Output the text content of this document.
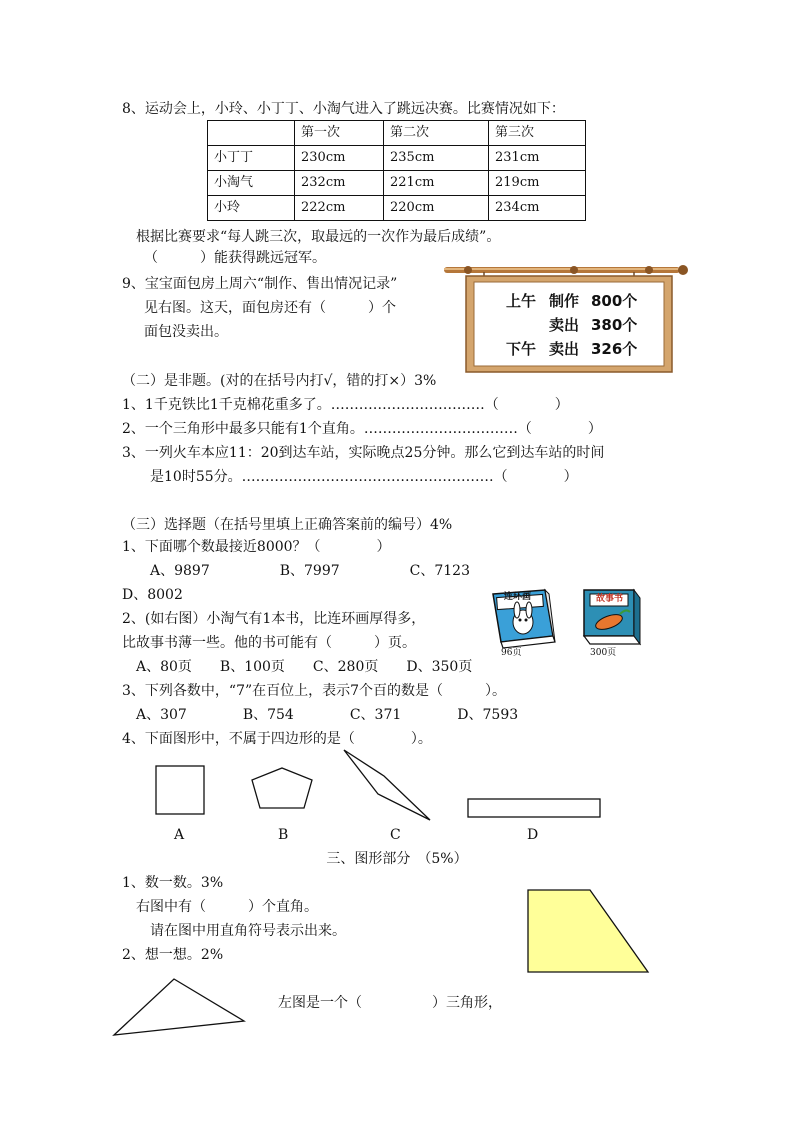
8、运动会上，小玲、小丁丁、小淘气进入了跳远决赛。比赛情况如下：
	第一次	第二次	第三次
小丁丁	230cm	235cm	231cm
小淘气	232cm	221cm	219cm
小玲	222cm	220cm	234cm
根据比赛要求“每人跳三次，取最远的一次作为最后成绩”。
（　　　）能获得跳远冠军。
9、宝宝面包房上周六“制作、售出情况记录”
见右图。这天，面包房还有（　　　）个
面包没卖出。
上午 制作 800个
卖出 380个
下午 卖出 326个
（二）是非题。(对的在括号内打√，错的打×）3%
1、1千克铁比1千克棉花重多了。……………………………（　　　　）
2、一个三角形中最多只能有1个直角。……………………………（　　　　）
3、一列火车本应11：20到达车站，实际晚点25分钟。那么它到达车站的时间
是10时55分。………………………………………………（　　　　）
（三）选择题（在括号里填上正确答案前的编号）4%
1、下面哪个数最接近8000？（　　　　）
A、9897　　　　　B、7997　　　　　C、7123
D、8002
2、(如右图）小淘气有1本书，比连环画厚得多，
比故事书薄一些。他的书可能有（　　　）页。
A、80页　　B、100页　　C、280页　　D、350页
连环画
96页
故事书
300页
3、下列各数中，“7”在百位上，表示7个百的数是（　　　）。
A、307　　　　B、754　　　　C、371　　　　D、7593
4、下面图形中，不属于四边形的是（　　　　）。
A	B	C	D
三、图形部分　（5%）
1、数一数。3%
右图中有（　　　）个直角。
请在图中用直角符号表示出来。
2、想一想。2%
左图是一个（　　　　　）三角形，
